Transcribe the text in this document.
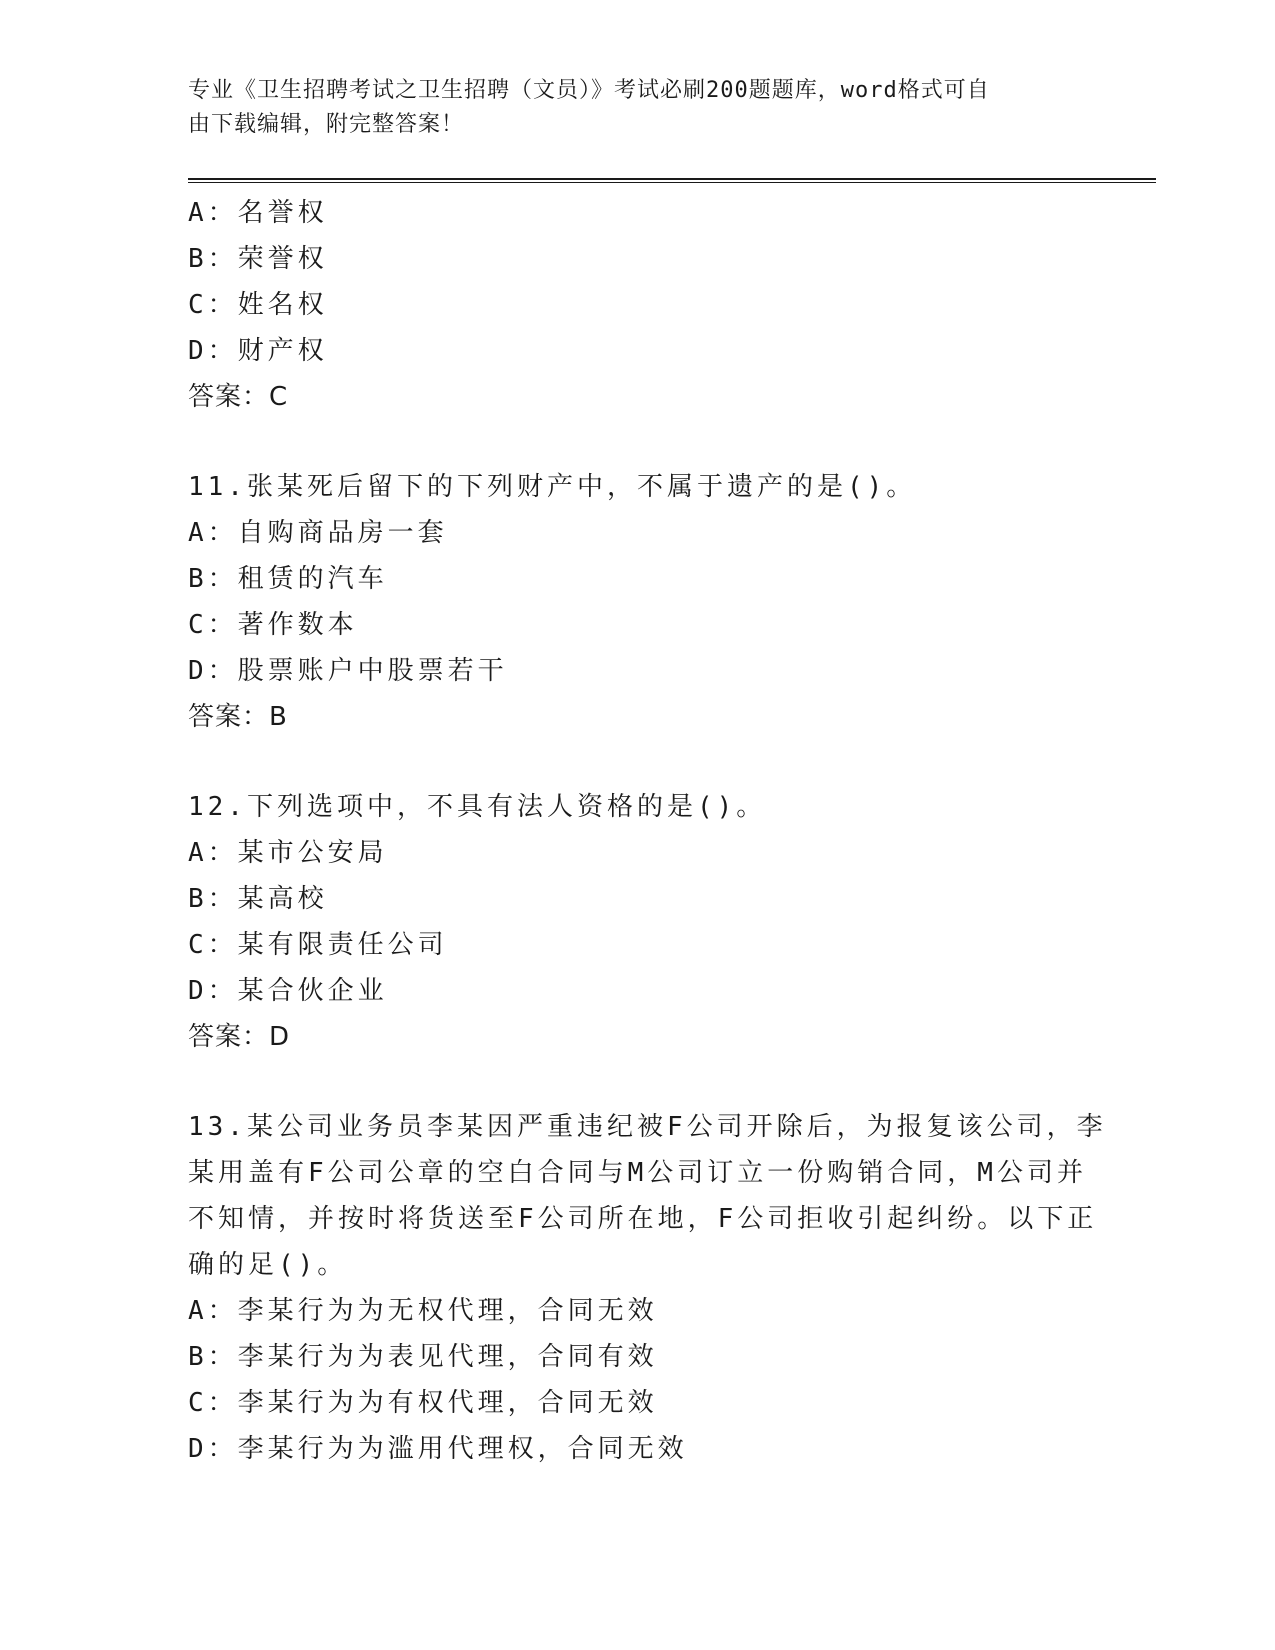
专业《卫生招聘考试之卫生招聘（文员）》考试必刷200题题库，word格式可自
由下载编辑，附完整答案！
A：名誉权
B：荣誉权
C：姓名权
D：财产权
答案：C
11.张某死后留下的下列财产中，不属于遗产的是()。
A：自购商品房一套
B：租赁的汽车
C：著作数本
D：股票账户中股票若干
答案：B
12.下列选项中，不具有法人资格的是()。
A：某市公安局
B：某高校
C：某有限责任公司
D：某合伙企业
答案：D
13.某公司业务员李某因严重违纪被F公司开除后，为报复该公司，李
某用盖有F公司公章的空白合同与M公司订立一份购销合同，M公司并
不知情，并按时将货送至F公司所在地，F公司拒收引起纠纷。以下正
确的足()。
A：李某行为为无权代理，合同无效
B：李某行为为表见代理，合同有效
C：李某行为为有权代理，合同无效
D：李某行为为滥用代理权，合同无效
